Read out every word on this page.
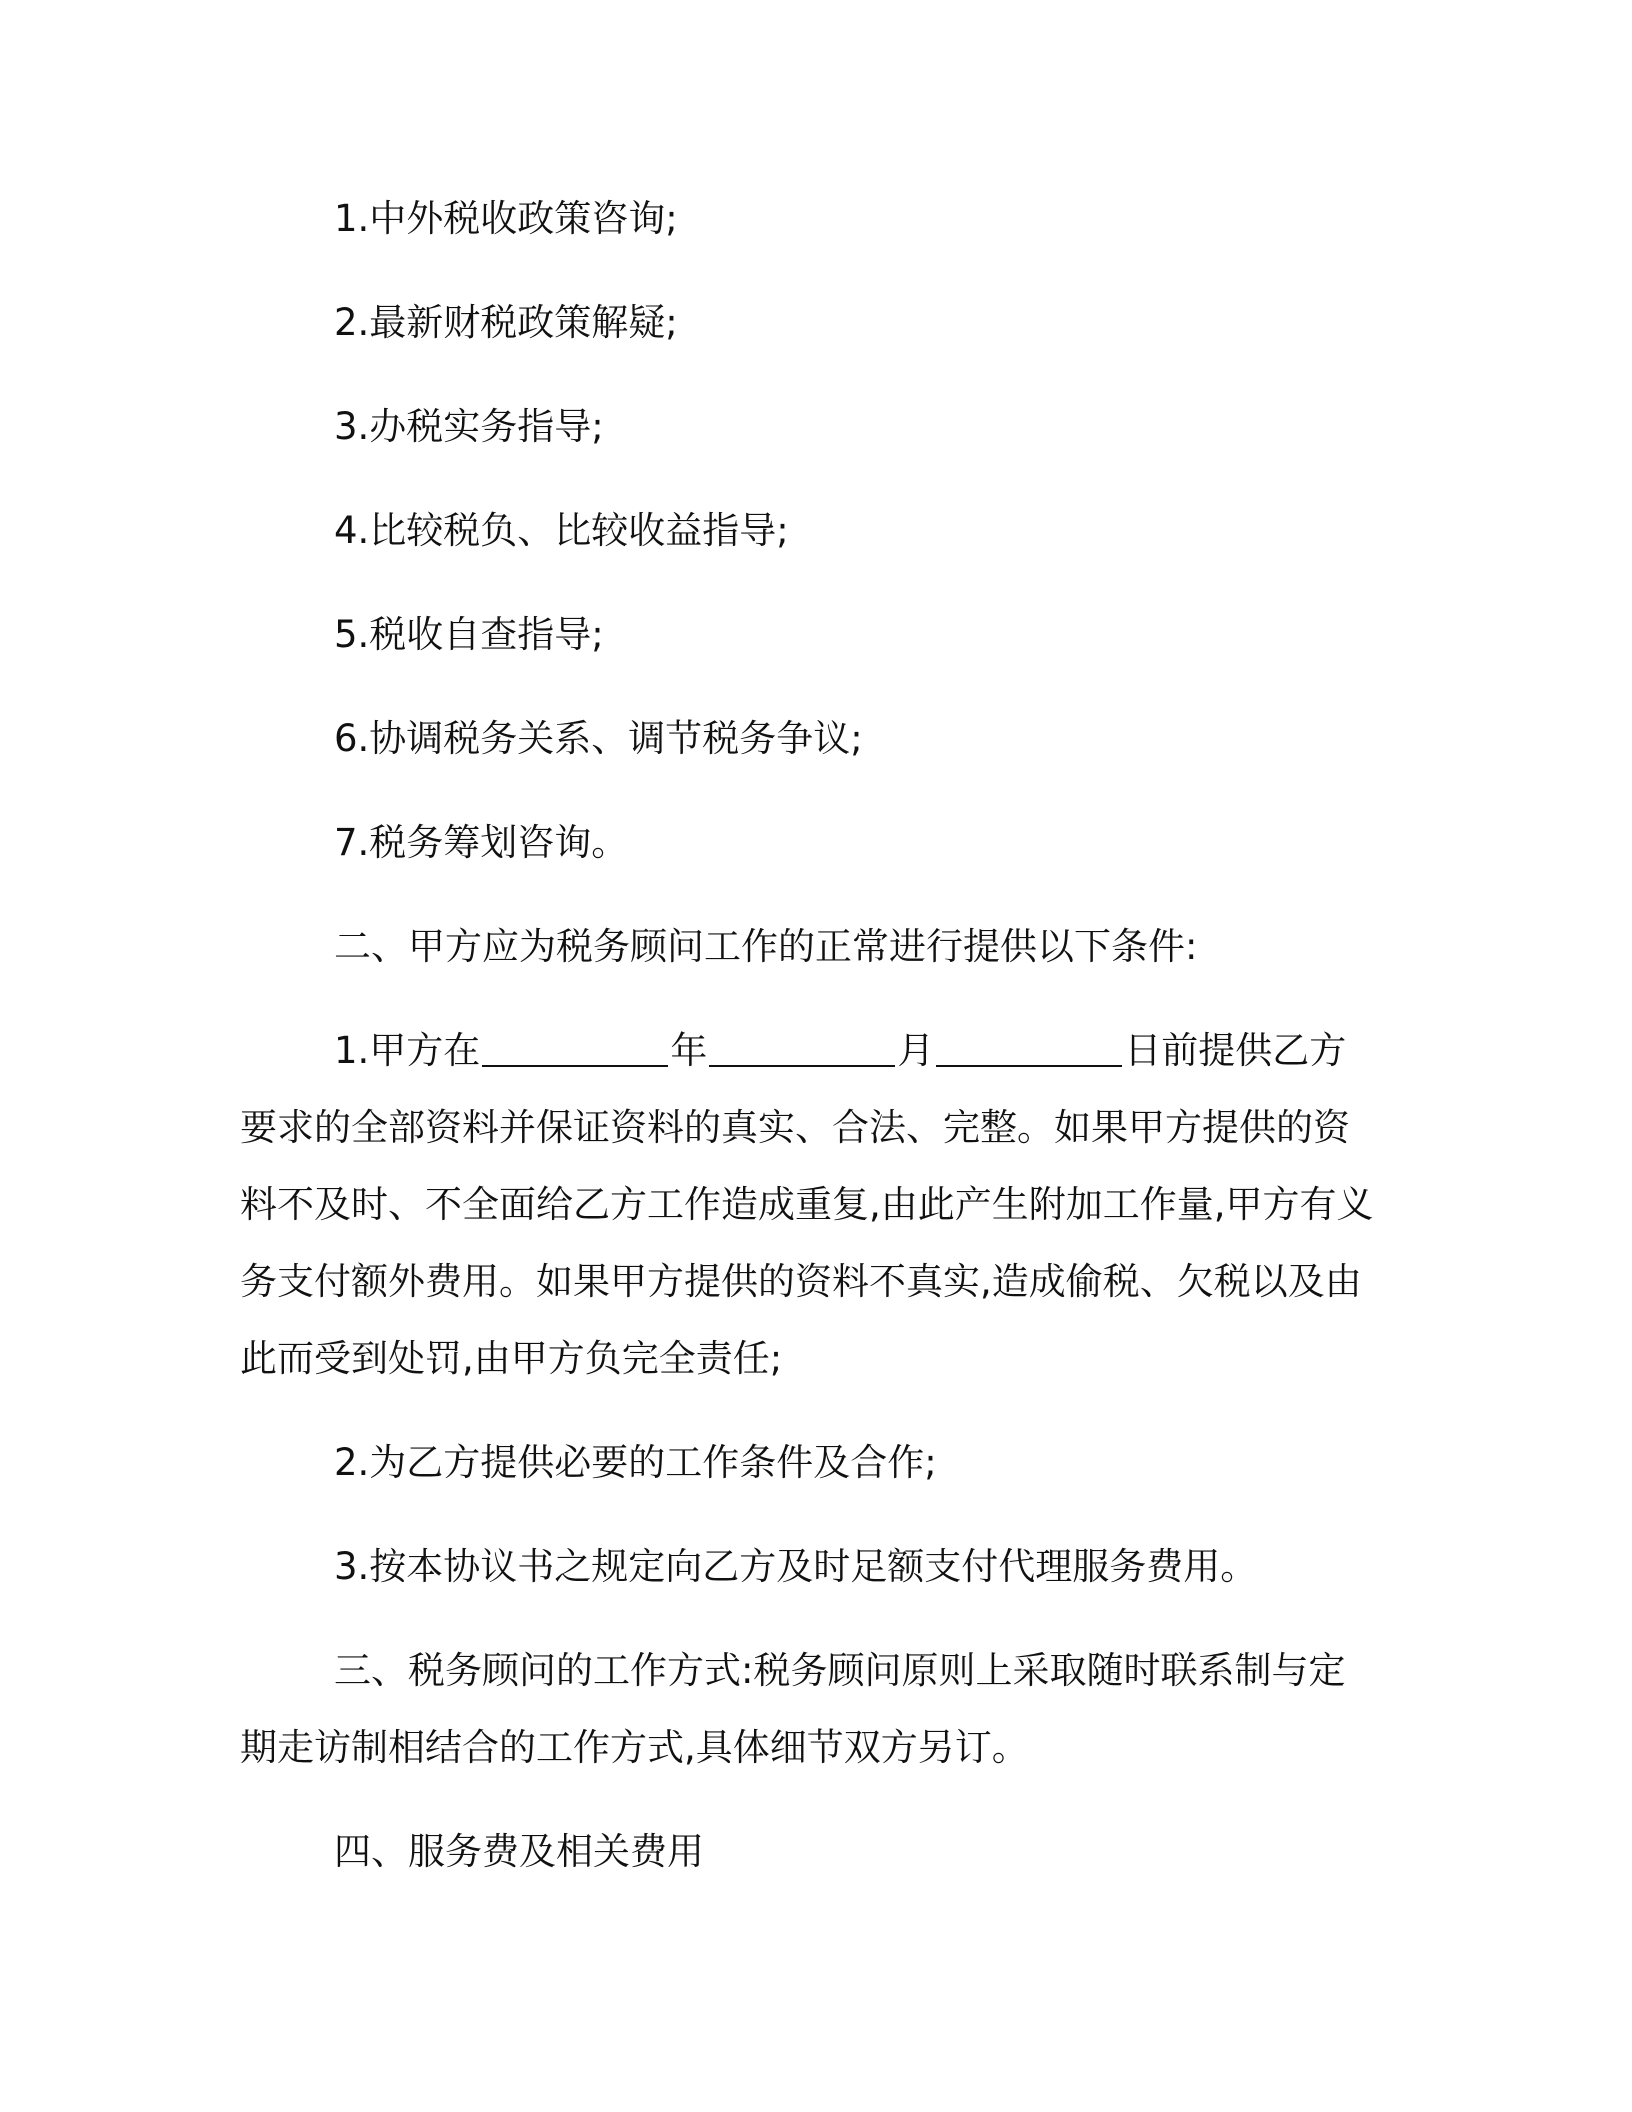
1.中外税收政策咨询;

2.最新财税政策解疑;

3.办税实务指导;

4.比较税负、比较收益指导;

5.税收自查指导;

6.协调税务关系、调节税务争议;

7.税务筹划咨询。

二、甲方应为税务顾问工作的正常进行提供以下条件:

1.甲方在	年	月	日前提供乙方要求的全部资料并保证资料的真实、合法、完整。如果甲方提供的资料不及时、不全面给乙方工作造成重复,由此产生附加工作量,甲方有义务支付额外费用。如果甲方提供的资料不真实,造成偷税、欠税以及由此而受到处罚,由甲方负完全责任;

2.为乙方提供必要的工作条件及合作;

3.按本协议书之规定向乙方及时足额支付代理服务费用。

三、税务顾问的工作方式:税务顾问原则上采取随时联系制与定期走访制相结合的工作方式,具体细节双方另订。

四、服务费及相关费用
